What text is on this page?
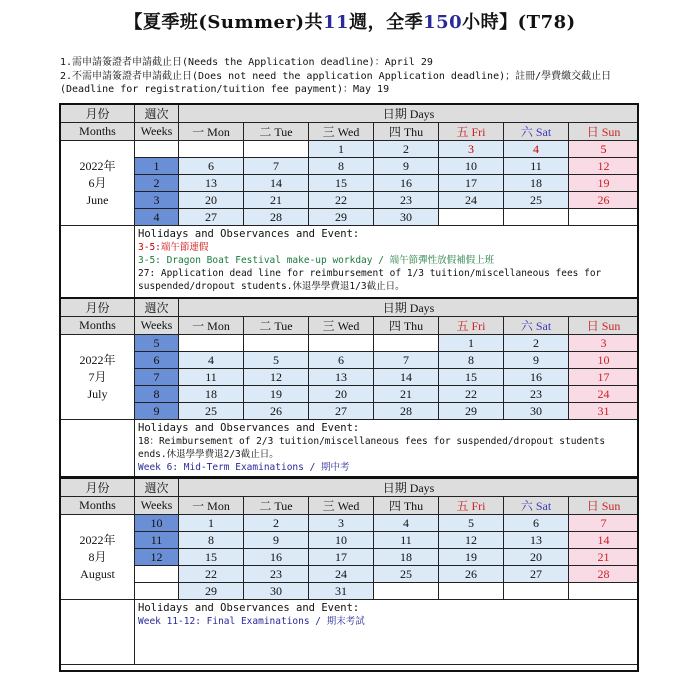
【夏季班(Summer)共11週，全季150小時】(T78)
1.需申請簽證者申請截止日(Needs the Application deadline)：April 29
2.不需申請簽證者申請截止日(Does not need the application Application deadline)；註冊/學費繳交截止日
(Deadline for registration/tuition fee payment)：May 19
月份	週次	日期 Days						
Months	Weeks	一 Mon	二 Tue	三 Wed	四 Thu	五 Fri	六 Sat	日 Sun

2022年
6月
June				1	2	3	4	5
	1	6	7	8	9	10	11	12
	2	13	14	15	16	17	18	19
	3	20	21	22	23	24	25	26
	4	27	28	29	30			

	Holidays and Observances and Event:
3-5:端午節連假
3-5: Dragon Boat Festival make-up workday / 端午節彈性放假補假上班
27: Application dead line for reimbursement of 1/3 tuition/miscellaneous fees for
suspended/dropout students.休退學學費退1/3截止日。							
月份	週次	日期 Days						
Months	Weeks	一 Mon	二 Tue	三 Wed	四 Thu	五 Fri	六 Sat	日 Sun

2022年
7月
July	5					1	2	3
	6	4	5	6	7	8	9	10
	7	11	12	13	14	15	16	17
	8	18	19	20	21	22	23	24
	9	25	26	27	28	29	30	31

	Holidays and Observances and Event:
18：Reimbursement of 2/3 tuition/miscellaneous fees for suspended/dropout students
ends.休退學學費退2/3截止日。
Week 6: Mid-Term Examinations / 期中考							
月份	週次	日期 Days						
Months	Weeks	一 Mon	二 Tue	三 Wed	四 Thu	五 Fri	六 Sat	日 Sun

2022年
8月
August	10	1	2	3	4	5	6	7
	11	8	9	10	11	12	13	14
	12	15	16	17	18	19	20	21
		22	23	24	25	26	27	28
		29	30	31				

	Holidays and Observances and Event:
Week 11-12: Final Examinations / 期末考試							
